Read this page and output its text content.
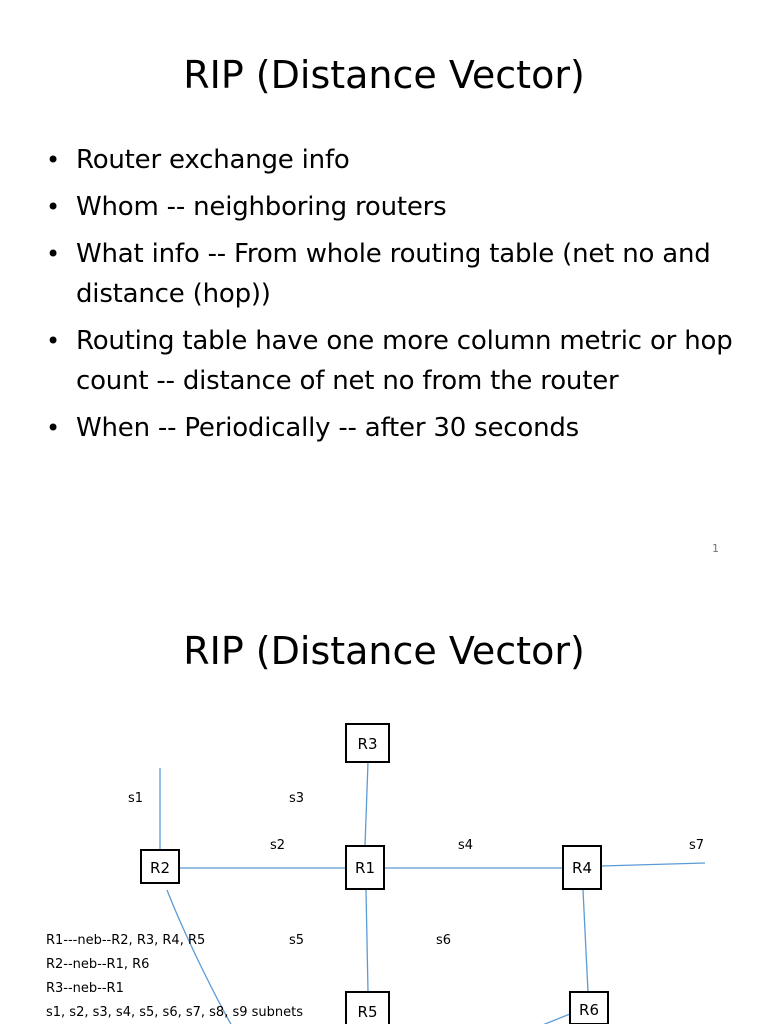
RIP (Distance Vector)
• Router exchange info
• Whom -- neighboring routers
• What info -- From whole routing table (net no and distance (hop))
• Routing table have one more column metric or hop count -- distance of net no from the router
• When -- Periodically -- after 30 seconds
1
RIP (Distance Vector)
R3
R2	R1	R4
R5	R6
s1
s2
s3
s4
s5	s6
s7
R1---neb--R2, R3, R4, R5
R2--neb--R1, R6
R3--neb--R1
s1, s2, s3, s4, s5, s6, s7, s8, s9 subnets
